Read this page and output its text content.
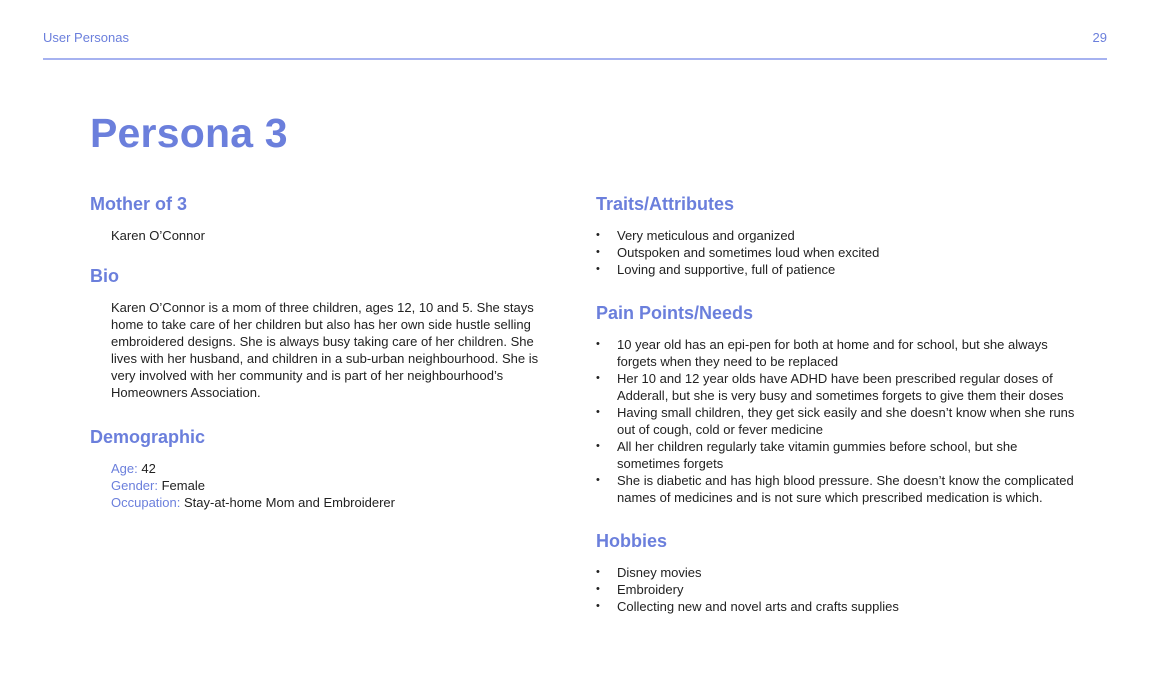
User Personas	29
Persona 3
Mother of 3
Karen O’Connor
Bio
Karen O’Connor is a mom of three children, ages 12, 10 and 5. She stays home to take care of her children but also has her own side hustle selling embroidered designs. She is always busy taking care of her children. She lives with her husband, and children in a sub-urban neighbourhood. She is very involved with her community and is part of her neighbourhood’s Homeowners Association.
Demographic
Age: 42
Gender: Female
Occupation: Stay-at-home Mom and Embroiderer
Traits/Attributes
• Very meticulous and organized
• Outspoken and sometimes loud when excited
• Loving and supportive, full of patience
Pain Points/Needs
• 10 year old has an epi-pen for both at home and for school, but she always forgets when they need to be replaced
• Her 10 and 12 year olds have ADHD have been prescribed regular doses of Adderall, but she is very busy and sometimes forgets to give them their doses
• Having small children, they get sick easily and she doesn’t know when she runs out of cough, cold or fever medicine
• All her children regularly take vitamin gummies before school, but she sometimes forgets
• She is diabetic and has high blood pressure. She doesn’t know the complicated names of medicines and is not sure which prescribed medication is which.
Hobbies
• Disney movies
• Embroidery
• Collecting new and novel arts and crafts supplies
